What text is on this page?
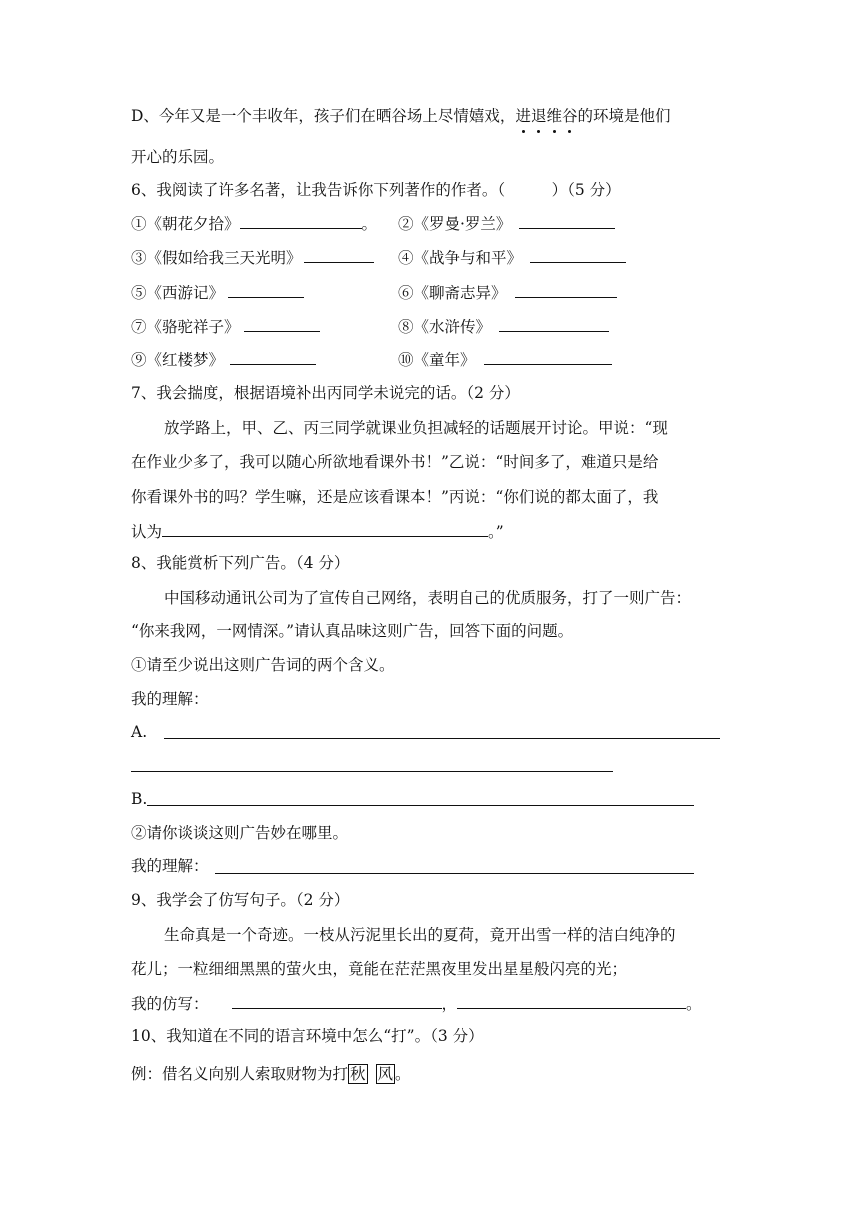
D、今年又是一个丰收年，孩子们在晒谷场上尽情嬉戏，进
退
维
谷
的环境是他们
开心的乐园。
6、我阅读了许多名著，让我告诉你下列著作的作者。（　　　）（5 分）
①《朝花夕拾》	。 ②《罗曼·罗兰》
③《假如给我三天光明》	④《战争与和平》
⑤《西游记》	⑥《聊斋志异》
⑦《骆驼祥子》	⑧《水浒传》
⑨《红楼梦》	⑩《童年》
7、我会揣度，根据语境补出丙同学未说完的话。（2 分）
放学路上，甲、乙、丙三同学就课业负担减轻的话题展开讨论。甲说：“现
在作业少多了，我可以随心所欲地看课外书！”乙说：“时间多了，难道只是给
你看课外书的吗？学生嘛，还是应该看课本！”丙说：“你们说的都太面了，我
认为	。”
8、我能赏析下列广告。（4 分）
中国移动通讯公司为了宣传自己网络，表明自己的优质服务，打了一则广告：
“你来我网，一网情深。”请认真品味这则广告，回答下面的问题。
①请至少说出这则广告词的两个含义。
我的理解：
A.
B.
②请你谈谈这则广告妙在哪里。
我的理解：
9、我学会了仿写句子。（2 分）
生命真是一个奇迹。一枝从污泥里长出的夏荷，竟开出雪一样的洁白纯净的
花儿；一粒细细黑黑的萤火虫，竟能在茫茫黑夜里发出星星般闪亮的光；
我的仿写：	，	。
10、我知道在不同的语言环境中怎么“打”。（3 分）
例：借名义向别人索取财物为打 秋 风 。
